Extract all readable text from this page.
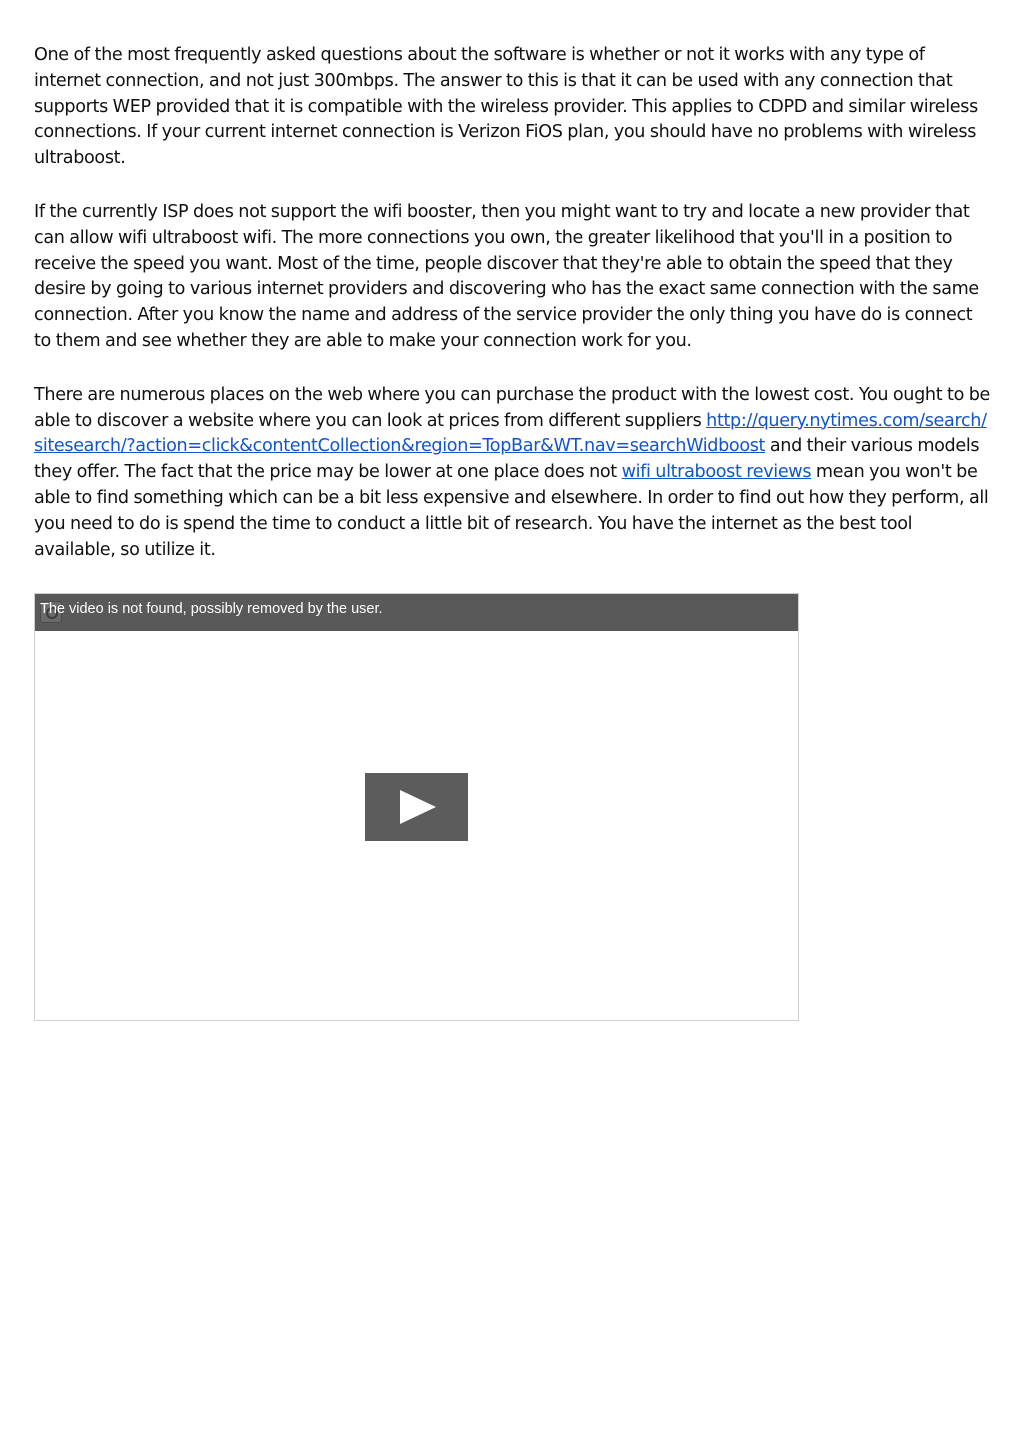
One of the most frequently asked questions about the software is whether or not it works with any type of internet connection, and not just 300mbps. The answer to this is that it can be used with any connection that supports WEP provided that it is compatible with the wireless provider. This applies to CDPD and similar wireless connections. If your current internet connection is Verizon FiOS plan, you should have no problems with wireless ultraboost.

If the currently ISP does not support the wifi booster, then you might want to try and locate a new provider that can allow wifi ultraboost wifi. The more connections you own, the greater likelihood that you'll in a position to receive the speed you want. Most of the time, people discover that they're able to obtain the speed that they desire by going to various internet providers and discovering who has the exact same connection with the same connection. After you know the name and address of the service provider the only thing you have do is connect to them and see whether they are able to make your connection work for you.

There are numerous places on the web where you can purchase the product with the lowest cost. You ought to be able to discover a website where you can look at prices from different suppliers http://query.nytimes.com/search/sitesearch/?action=click&contentCollection&region=TopBar&WT.nav=searchWidboost and their various models they offer. The fact that the price may be lower at one place does not wifi ultraboost reviews mean you won't be able to find something which can be a bit less expensive and elsewhere. In order to find out how they perform, all you need to do is spend the time to conduct a little bit of research. You have the internet as the best tool available, so utilize it.

The video is not found, possibly removed by the user.
